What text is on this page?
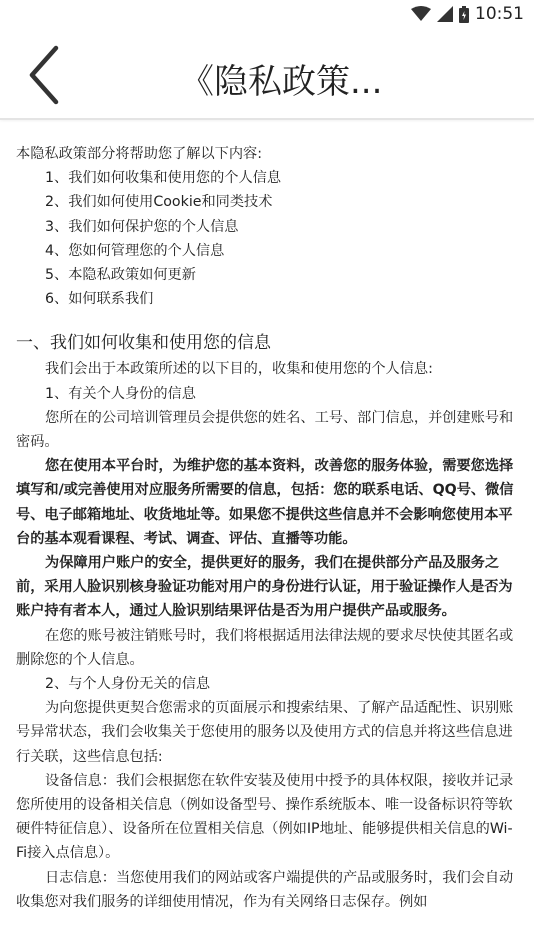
10:51
《隐私政策...

本隐私政策部分将帮助您了解以下内容:

1、我们如何收集和使用您的个人信息

2、我们如何使用Cookie和同类技术

3、我们如何保护您的个人信息

4、您如何管理您的个人信息

5、本隐私政策如何更新

6、如何联系我们

一、我们如何收集和使用您的信息

我们会出于本政策所述的以下目的，收集和使用您的个人信息:

1、有关个人身份的信息

您所在的公司培训管理员会提供您的姓名、工号、部门信息，并创建账号和密码。

您在使用本平台时，为维护您的基本资料，改善您的服务体验，需要您选择填写和/或完善使用对应服务所需要的信息，包括：您的联系电话、QQ号、微信号、电子邮箱地址、收货地址等。如果您不提供这些信息并不会影响您使用本平台的基本观看课程、考试、调查、评估、直播等功能。

为保障用户账户的安全，提供更好的服务，我们在提供部分产品及服务之前，采用人脸识别核身验证功能对用户的身份进行认证，用于验证操作人是否为账户持有者本人，通过人脸识别结果评估是否为用户提供产品或服务。

在您的账号被注销账号时，我们将根据适用法律法规的要求尽快使其匿名或删除您的个人信息。

2、与个人身份无关的信息

为向您提供更契合您需求的页面展示和搜索结果、了解产品适配性、识别账号异常状态，我们会收集关于您使用的服务以及使用方式的信息并将这些信息进行关联，这些信息包括:

设备信息：我们会根据您在软件安装及使用中授予的具体权限，接收并记录您所使用的设备相关信息（例如设备型号、操作系统版本、唯一设备标识符等软硬件特征信息）、设备所在位置相关信息（例如IP地址、能够提供相关信息的Wi-Fi接入点信息）。

日志信息：当您使用我们的网站或客户端提供的产品或服务时，我们会自动收集您对我们服务的详细使用情况，作为有关网络日志保存。例如
